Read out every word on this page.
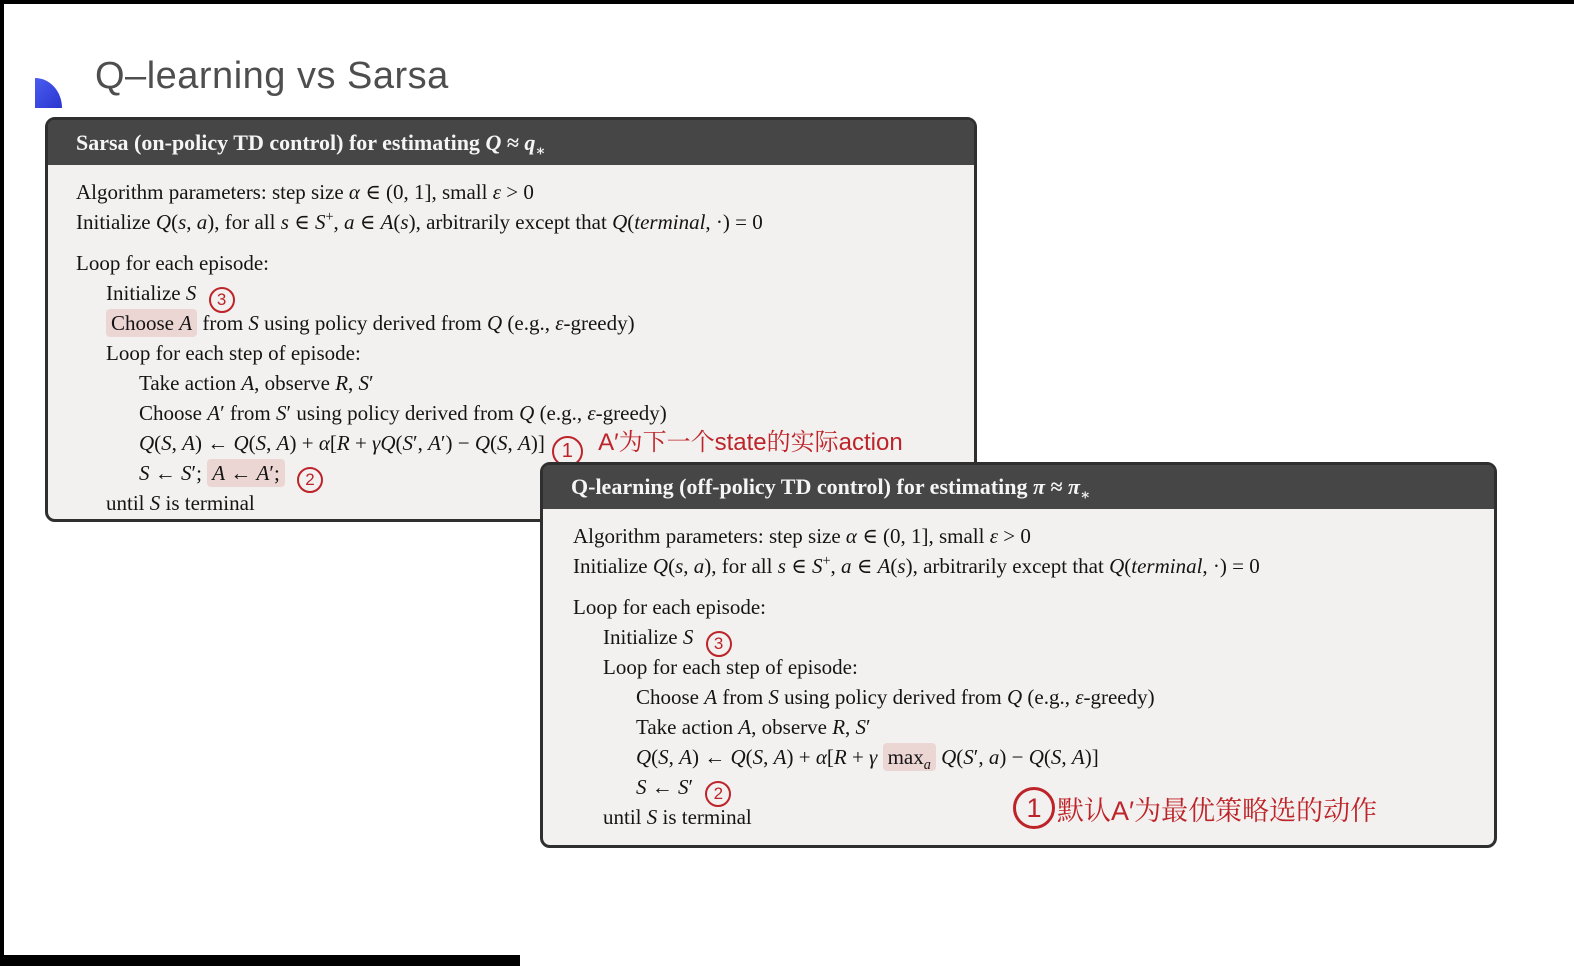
Q–learning vs Sarsa
Sarsa (on-policy TD control) for estimating $Q \approx q_∗$
Algorithm parameters: step size α ∈ (0, 1], small ε > 0
Initialize Q(s, a), for all s ∈ S+, a ∈ A(s), arbitrarily except that Q(terminal, ·) = 0
Loop for each episode:
Initialize S 3
Choose A from S using policy derived from Q (e.g., ε-greedy)
Loop for each step of episode:
Take action A, observe R, S′
Choose A′ from S′ using policy derived from Q (e.g., ε-greedy)
Q(S, A) ← Q(S, A) + α[R + γQ(S′, A′) − Q(S, A)] 1 A′为下一个state的实际action
S ← S′; A ← A′; 2
until S is terminal
Q-learning (off-policy TD control) for estimating $\pi \approx \pi_∗$
Algorithm parameters: step size α ∈ (0, 1], small ε > 0
Initialize Q(s, a), for all s ∈ S+, a ∈ A(s), arbitrarily except that Q(terminal, ·) = 0
Loop for each episode:
Initialize S 3
Loop for each step of episode:
Choose A from S using policy derived from Q (e.g., ε-greedy)
Take action A, observe R, S′
Q(S, A) ← Q(S, A) + α[R + γ $\max_a Q(S'$, a) − Q(S, A)]
S ← S′ 2
until S is terminal	1 默认A′为最优策略选的动作
